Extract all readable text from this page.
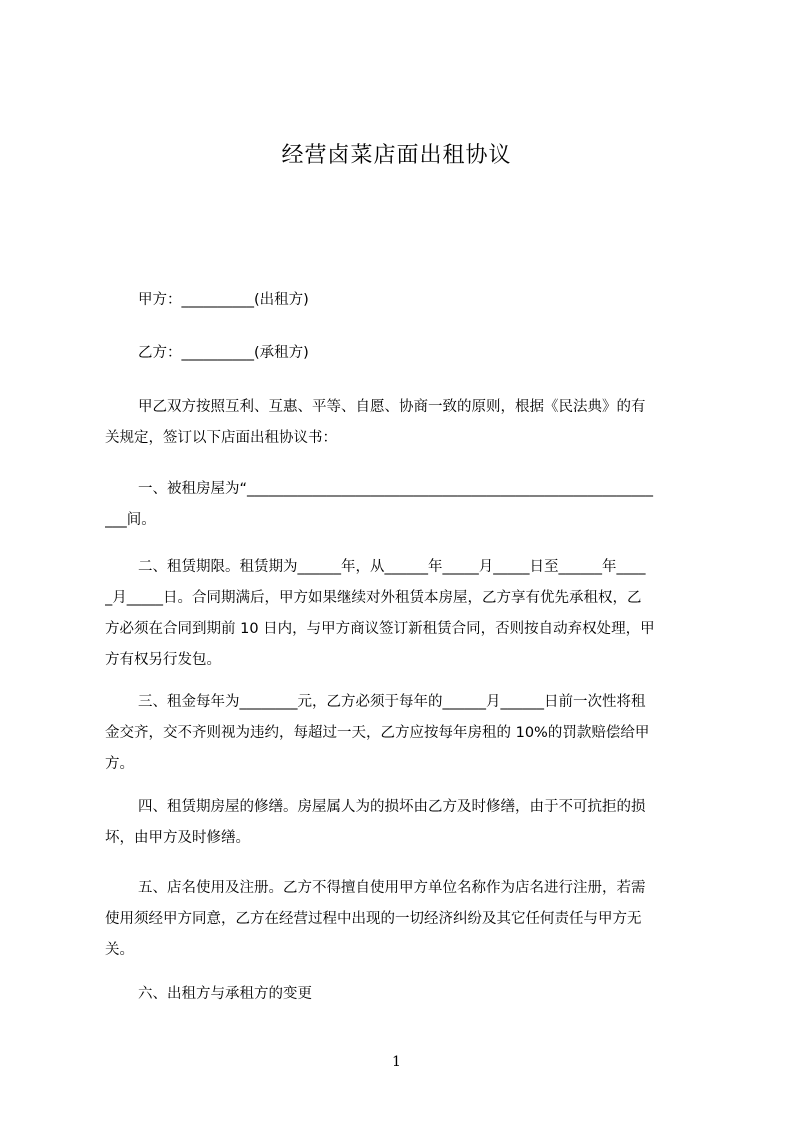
经营卤菜店面出租协议
甲方：__________(出租方)
乙方：__________(承租方)
甲乙双方按照互利、互惠、平等、自愿、协商一致的原则，根据《民法典》的有
关规定，签订以下店面出租协议书：
一、被租房屋为“________________________________________________________
___间。
二、租赁期限。租赁期为______年，从______年_____月_____日至______年____
_月_____日。合同期满后，甲方如果继续对外租赁本房屋，乙方享有优先承租权，乙
方必须在合同到期前 10 日内，与甲方商议签订新租赁合同，否则按自动弃权处理，甲
方有权另行发包。
三、租金每年为________元，乙方必须于每年的______月______日前一次性将租
金交齐，交不齐则视为违约，每超过一天，乙方应按每年房租的 10%的罚款赔偿给甲
方。
四、租赁期房屋的修缮。房屋属人为的损坏由乙方及时修缮，由于不可抗拒的损
坏，由甲方及时修缮。
五、店名使用及注册。乙方不得擅自使用甲方单位名称作为店名进行注册，若需
使用须经甲方同意，乙方在经营过程中出现的一切经济纠纷及其它任何责任与甲方无
关。
六、出租方与承租方的变更
1
